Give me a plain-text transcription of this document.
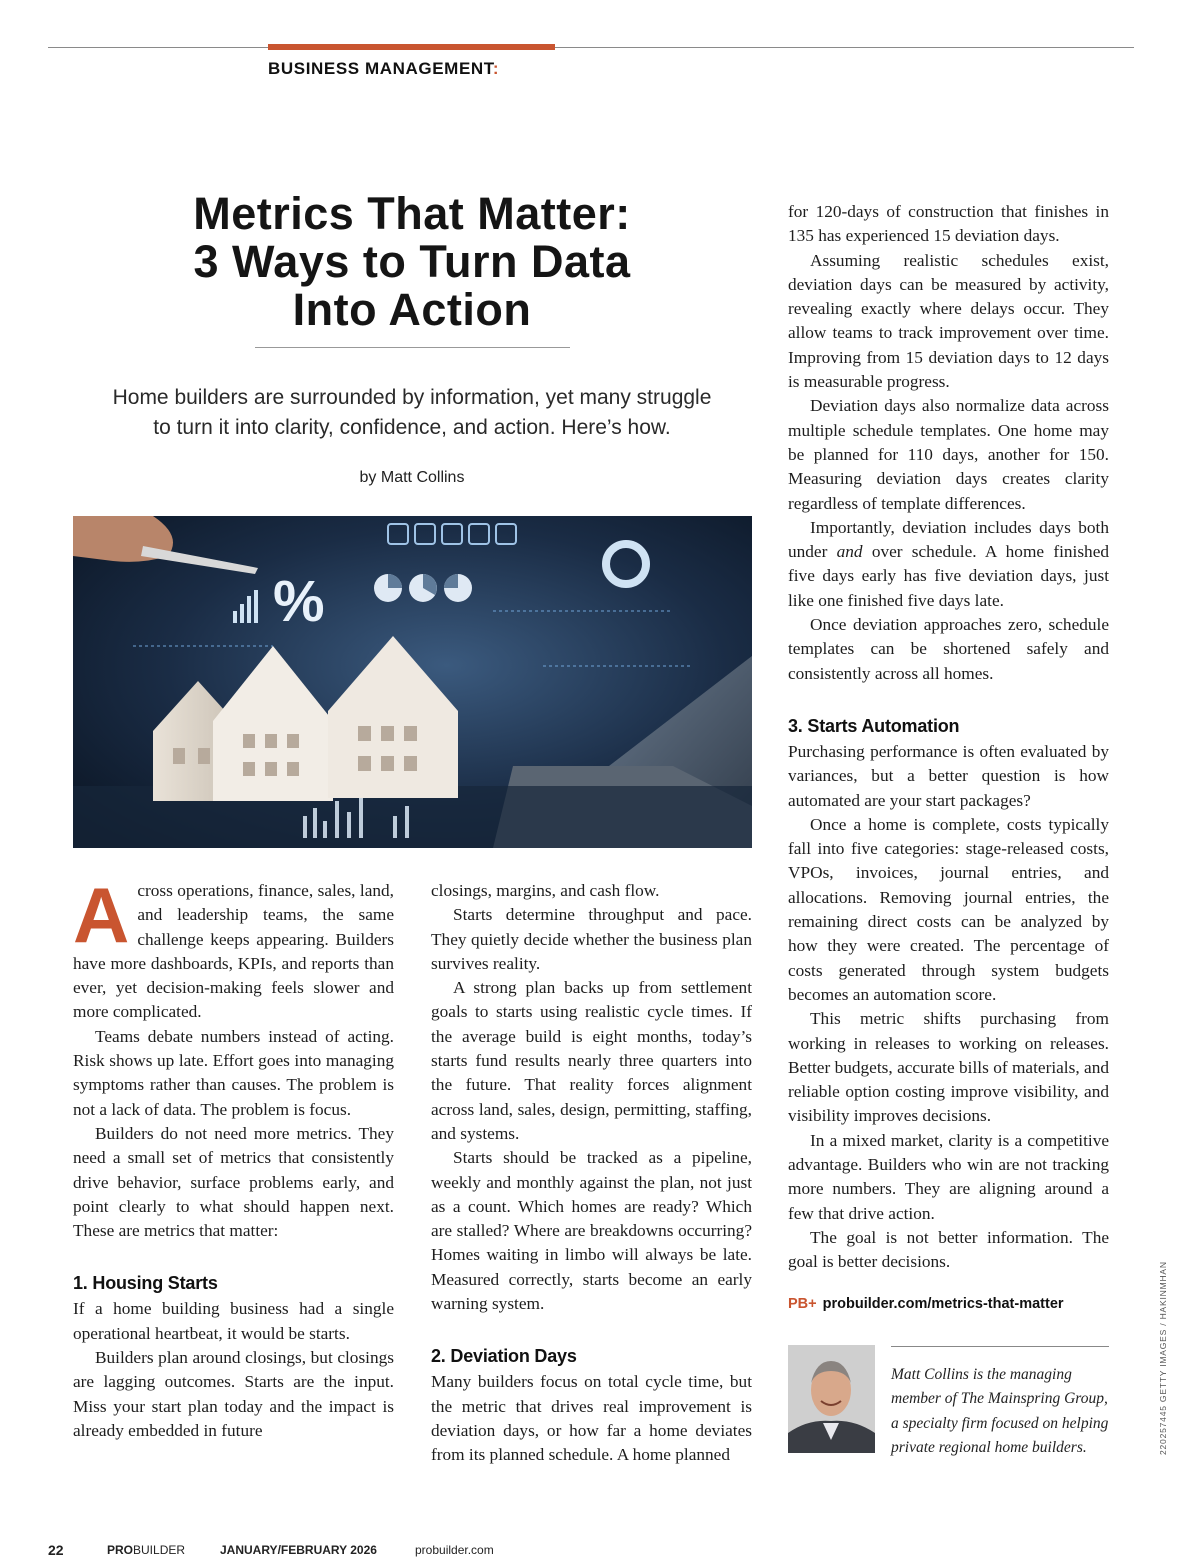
BUSINESS MANAGEMENT:
Metrics That Matter:
3 Ways to Turn Data
Into Action
Home builders are surrounded by information, yet many struggle
to turn it into clarity, confidence, and action. Here’s how.
by Matt Collins
%

Across operations, finance, sales, land, and leadership teams, the same challenge keeps appearing. Builders have more dashboards, KPIs, and reports than ever, yet decision-making feels slower and more complicated.

Teams debate numbers instead of acting. Risk shows up late. Effort goes into managing symptoms rather than causes. The problem is not a lack of data. The problem is focus.

Builders do not need more metrics. They need a small set of metrics that consistently drive behavior, surface problems early, and point clearly to what should happen next. These are metrics that matter:

1. Housing Starts

If a home building business had a single operational heartbeat, it would be starts.

Builders plan around closings, but closings are lagging outcomes. Starts are the input. Miss your start plan today and the impact is already embedded in future

closings, margins, and cash flow.

Starts determine throughput and pace. They quietly decide whether the business plan survives reality.

A strong plan backs up from settlement goals to starts using realistic cycle times. If the average build is eight months, today’s starts fund results nearly three quarters into the future. That reality forces alignment across land, sales, design, permitting, staffing, and systems.

Starts should be tracked as a pipeline, weekly and monthly against the plan, not just as a count. Which homes are ready? Which are stalled? Where are breakdowns occurring? Homes waiting in limbo will always be late. Measured correctly, starts become an early warning system.

2. Deviation Days

Many builders focus on total cycle time, but the metric that drives real improvement is deviation days, or how far a home deviates from its planned schedule. A home planned

for 120-days of construction that finishes in 135 has experienced 15 deviation days.

Assuming realistic schedules exist, deviation days can be measured by activity, revealing exactly where delays occur. They allow teams to track improvement over time. Improving from 15 deviation days to 12 days is measurable progress.

Deviation days also normalize data across multiple schedule templates. One home may be planned for 110 days, another for 150. Measuring deviation days creates clarity regardless of template differences.

Importantly, deviation includes days both under and over schedule. A home finished five days early has five deviation days, just like one finished five days late.

Once deviation approaches zero, schedule templates can be shortened safely and consistently across all homes.

3. Starts Automation

Purchasing performance is often evaluated by variances, but a better question is how automated are your start packages?

Once a home is complete, costs typically fall into five categories: stage-released costs, VPOs, invoices, journal entries, and allocations. Removing journal entries, the remaining direct costs can be analyzed by how they were created. The percentage of costs generated through system budgets becomes an automation score.

This metric shifts purchasing from working in releases to working on releases. Better budgets, accurate bills of materials, and reliable option costing improve visibility, and visibility improves decisions.

In a mixed market, clarity is a competitive advantage. Builders who win are not tracking more numbers. They are aligning around a few that drive action.

The goal is not better information. The goal is better decisions.

PB+ probuilder.com/metrics-that-matter
Matt Collins is the managing member of The Mainspring Group, a specialty firm focused on helping private regional home builders.	220257445 GETTY IMAGES / HAKINMHAN
22	PROBUILDER	JANUARY/FEBRUARY 2026	probuilder.com
